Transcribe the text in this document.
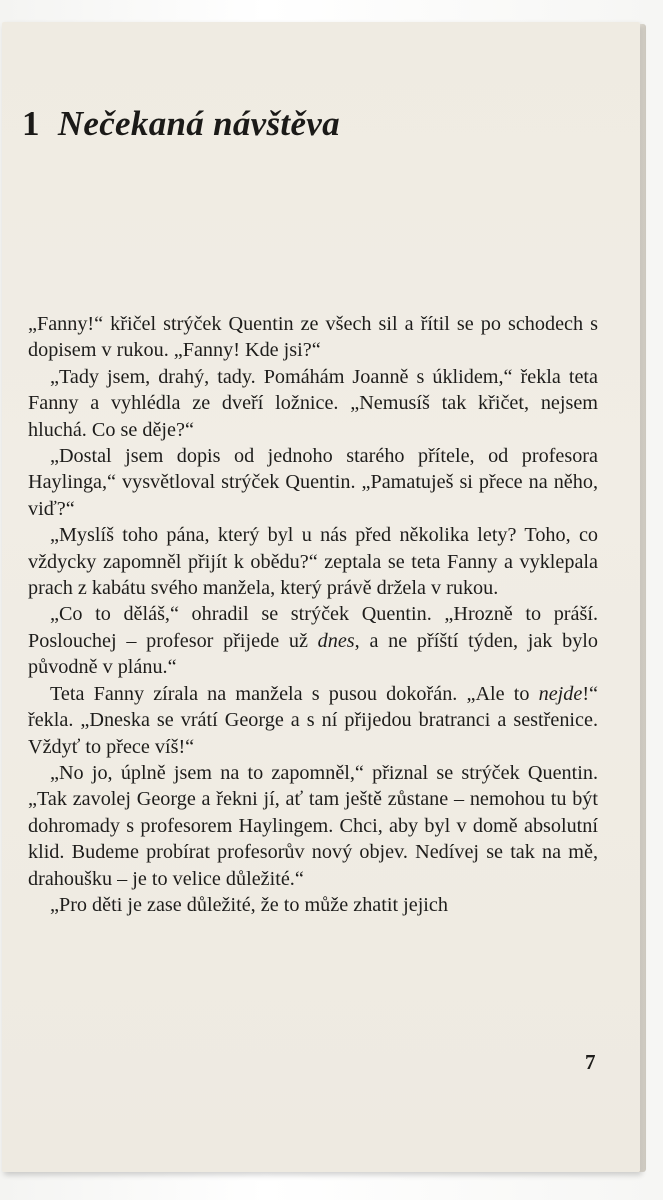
1 Nečekaná návštěva

„Fanny!“ křičel strýček Quentin ze všech sil a řítil se po schodech s dopisem v rukou. „Fanny! Kde jsi?“

„Tady jsem, drahý, tady. Pomáhám Joanně s úklidem,“ řekla teta Fanny a vyhlédla ze dveří ložnice. „Nemusíš tak křičet, nejsem hluchá. Co se děje?“

„Dostal jsem dopis od jednoho starého přítele, od profesora Haylinga,“ vysvětloval strýček Quentin. „Pamatuješ si přece na něho, viď?“

„Myslíš toho pána, který byl u nás před několika lety? Toho, co vždycky zapomněl přijít k obědu?“ zeptala se teta Fanny a vyklepala prach z kabátu svého manžela, který právě držela v rukou.

„Co to děláš,“ ohradil se strýček Quentin. „Hrozně to práší. Poslouchej – profesor přijede už dnes, a ne příští týden, jak bylo původně v plánu.“

Teta Fanny zírala na manžela s pusou dokořán. „Ale to nejde!“ řekla. „Dneska se vrátí George a s ní přijedou bratranci a sestřenice. Vždyť to přece víš!“

„No jo, úplně jsem na to zapomněl,“ přiznal se strýček Quentin. „Tak zavolej George a řekni jí, ať tam ještě zůstane – nemohou tu být dohromady s profesorem Haylingem. Chci, aby byl v domě absolutní klid. Budeme probírat profesorův nový objev. Nedívej se tak na mě, drahoušku – je to velice důležité.“

„Pro děti je zase důležité, že to může zhatit jejich

7
